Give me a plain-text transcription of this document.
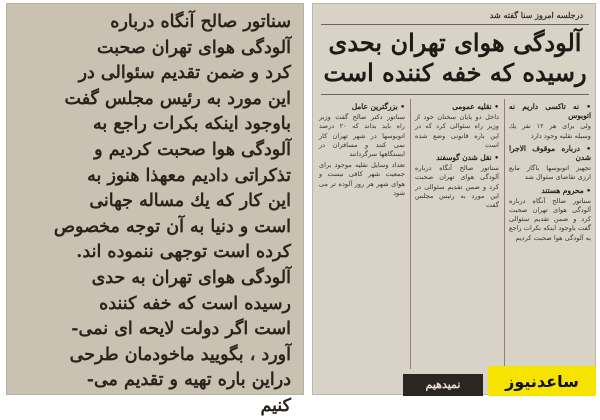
سناتور صالح آنگاه درباره
آلودگی هوای تهران صحبت
کرد و ضمن تقدیم سئوالی در
این مورد به رئیس مجلس گفت
باوجود اینکه بکرات راجع به
آلودگی هوا صحبت کردیم و
تذکراتی دادیم معهذا هنوز به
این کار که یك مساله جهانی
است و دنیا به آن توجه مخصوص
کرده است توجهی ننموده اند.
آلودگی هوای تهران به حدی
رسیده است که خفه کننده
است اگر دولت لایحه ای نمی-
آورد ، بگویید ماخودمان طرحی
دراین باره تهیه و تقدیم می-
کنیم
درجلسه امروز سنا گفته شد
آلودگی هوای تهران بحدی
رسیده که خفه کننده است
• نه تاکسی داریم نه اتوبوس

ولی برای هر ١٢ نفر یك وسیله نقلیه وجود دارد

• درباره موقوف الاجرا شدن

تجهیز اتوبوسها باگاز مایع ارزی تقاضای سئوال شد

• محروم هستند

سناتور صالح آنگاه درباره آلودگی هوای تهران صحبت کرد و ضمن تقدیم سئوالی گفت باوجود اینکه بکرات راجع به آلودگی هوا صحبت کردیم

• نقلیه عمومی

داخل دو پایان سخنان خود از وزیر راه سئوالی کرد که در این باره قانونی وضع شده است

• نقل شدن گوسفند

سناتور صالح آنگاه درباره آلودگی هوای تهران صحبت کرد و ضمن تقدیم سئوالی در این مورد به رئیس مجلس گفت

• بزرگترین عامل

سناتور دکتر صالح گفت وزیر راه باید بداند که ٢٠ درصد اتوبوسها در شهر تهران کار نمی کنند و مسافران در ایستگاهها سرگردانند

تعداد وسایل نقلیه موجود برای جمعیت شهر کافی نیست و هوای شهر هر روز آلوده تر می شود

نمیدهیم	ساعدنیوز
